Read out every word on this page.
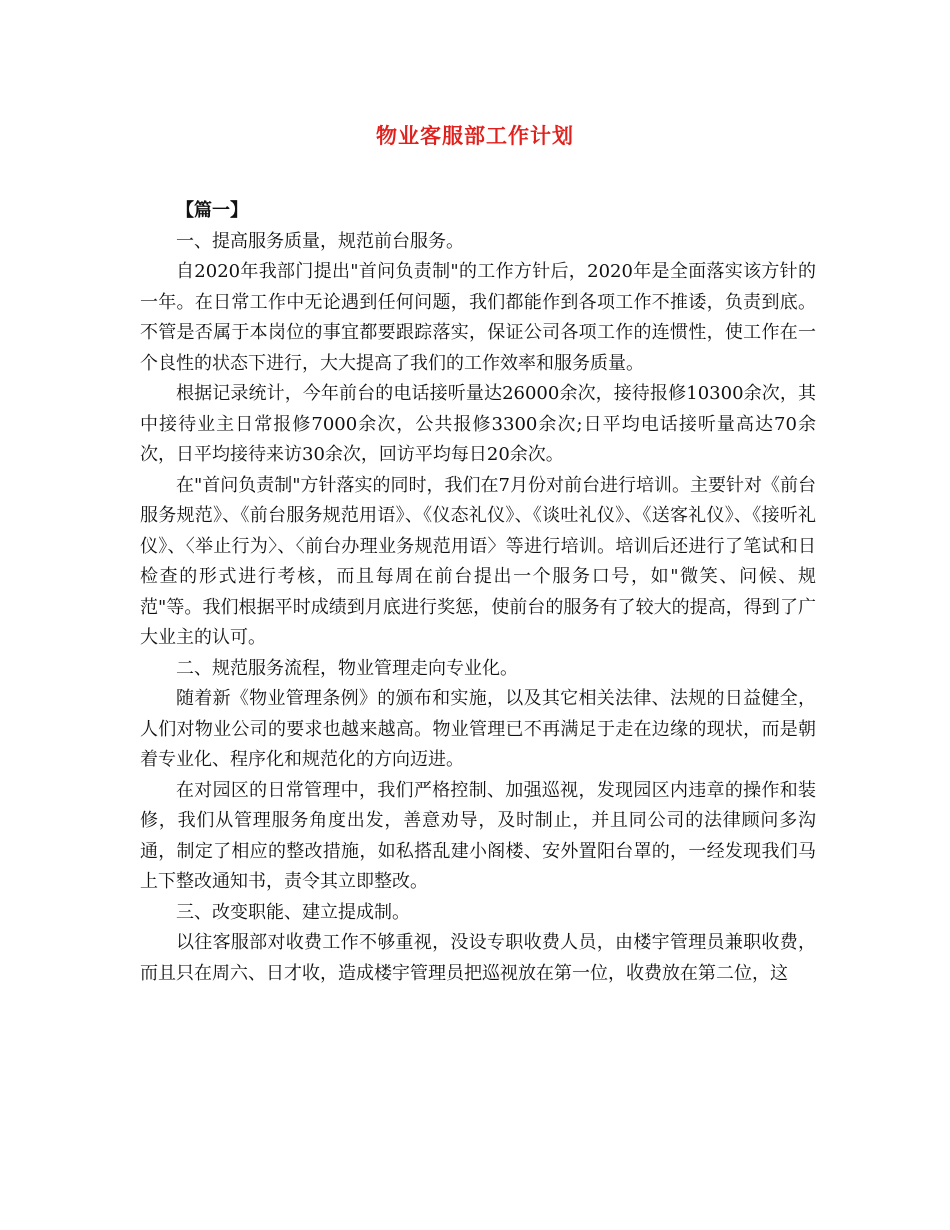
物业客服部工作计划

【篇一】

一、提高服务质量，规范前台服务。

自2020年我部门提出"首问负责制"的工作方针后，2020年是全面落实该方针的一年。在日常工作中无论遇到任何问题，我们都能作到各项工作不推诿，负责到底。不管是否属于本岗位的事宜都要跟踪落实，保证公司各项工作的连惯性，使工作在一个良性的状态下进行，大大提高了我们的工作效率和服务质量。

根据记录统计，今年前台的电话接听量达26000余次，接待报修10300余次，其中接待业主日常报修7000余次，公共报修3300余次;日平均电话接听量高达70余次，日平均接待来访30余次，回访平均每日20余次。

在"首问负责制"方针落实的同时，我们在7月份对前台进行培训。主要针对《前台服务规范》、《前台服务规范用语》、《仪态礼仪》、《谈吐礼仪》、《送客礼仪》、《接听礼仪》、〈举止行为〉、〈前台办理业务规范用语〉等进行培训。培训后还进行了笔试和日检查的形式进行考核，而且每周在前台提出一个服务口号，如"微笑、问候、规范"等。我们根据平时成绩到月底进行奖惩，使前台的服务有了较大的提高，得到了广大业主的认可。

二、规范服务流程，物业管理走向专业化。

随着新《物业管理条例》的颁布和实施，以及其它相关法律、法规的日益健全，人们对物业公司的要求也越来越高。物业管理已不再满足于走在边缘的现状，而是朝着专业化、程序化和规范化的方向迈进。

在对园区的日常管理中，我们严格控制、加强巡视，发现园区内违章的操作和装修，我们从管理服务角度出发，善意劝导，及时制止，并且同公司的法律顾问多沟通，制定了相应的整改措施，如私搭乱建小阁楼、安外置阳台罩的，一经发现我们马上下整改通知书，责令其立即整改。

三、改变职能、建立提成制。

以往客服部对收费工作不够重视，没设专职收费人员，由楼宇管理员兼职收费，而且只在周六、日才收，造成楼宇管理员把巡视放在第一位，收费放在第二位，这
